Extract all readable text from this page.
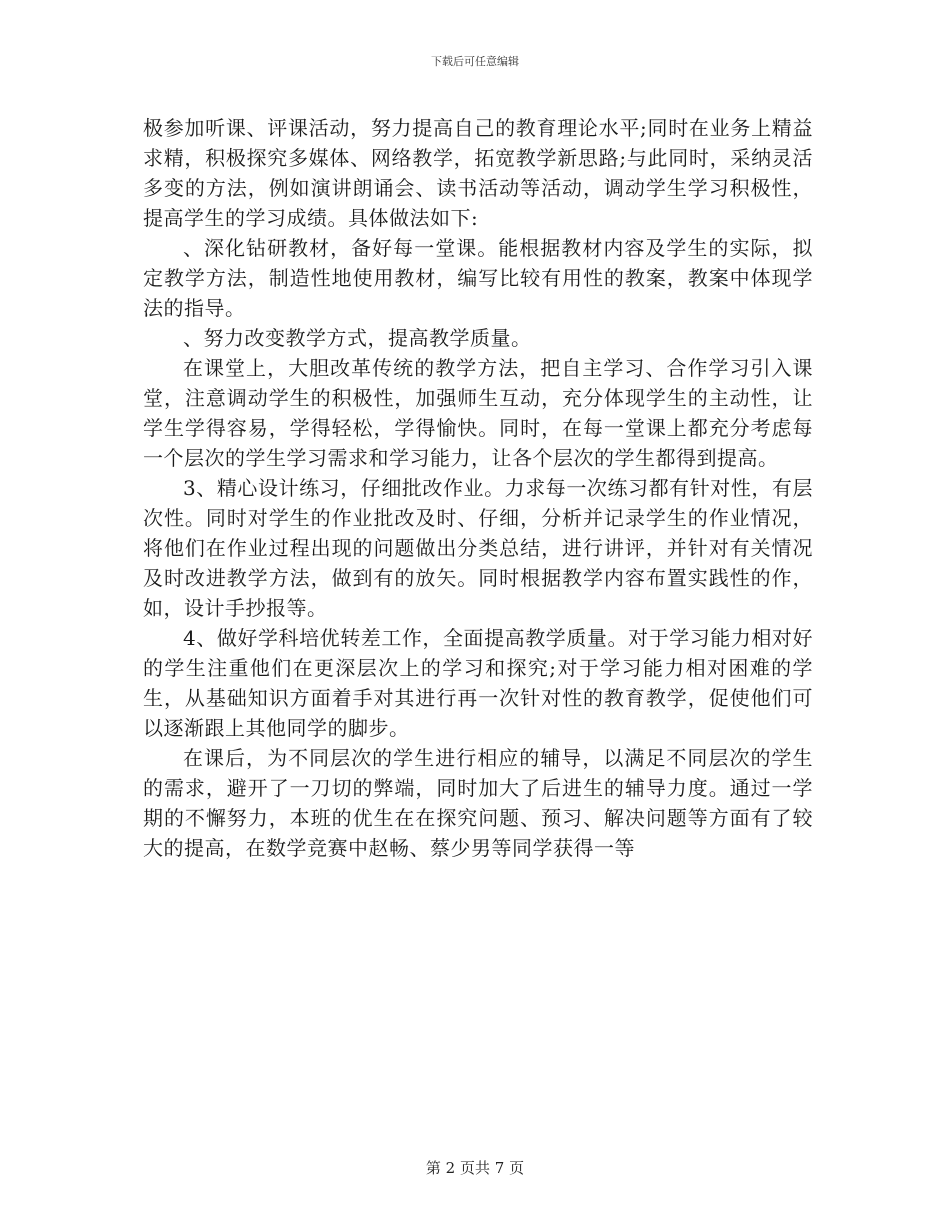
下载后可任意编辑

极参加听课、评课活动，努力提高自己的教育理论水平;同时在业务上精益求精，积极探究多媒体、网络教学，拓宽教学新思路;与此同时，采纳灵活多变的方法，例如演讲朗诵会、读书活动等活动，调动学生学习积极性，提高学生的学习成绩。具体做法如下:

、深化钻研教材，备好每一堂课。能根据教材内容及学生的实际，拟定教学方法，制造性地使用教材，编写比较有用性的教案，教案中体现学法的指导。

、努力改变教学方式，提高教学质量。

在课堂上，大胆改革传统的教学方法，把自主学习、合作学习引入课堂，注意调动学生的积极性，加强师生互动，充分体现学生的主动性，让学生学得容易，学得轻松，学得愉快。同时，在每一堂课上都充分考虑每一个层次的学生学习需求和学习能力，让各个层次的学生都得到提高。

3、精心设计练习，仔细批改作业。力求每一次练习都有针对性，有层次性。同时对学生的作业批改及时、仔细，分析并记录学生的作业情况，将他们在作业过程出现的问题做出分类总结，进行讲评，并针对有关情况及时改进教学方法，做到有的放矢。同时根据教学内容布置实践性的作，如，设计手抄报等。

4、做好学科培优转差工作，全面提高教学质量。对于学习能力相对好的学生注重他们在更深层次上的学习和探究;对于学习能力相对困难的学生，从基础知识方面着手对其进行再一次针对性的教育教学，促使他们可以逐渐跟上其他同学的脚步。

在课后，为不同层次的学生进行相应的辅导，以满足不同层次的学生的需求，避开了一刀切的弊端，同时加大了后进生的辅导力度。通过一学期的不懈努力，本班的优生在在探究问题、预习、解决问题等方面有了较大的提高，在数学竞赛中赵畅、蔡少男等同学获得一等

第 2 页共 7 页
